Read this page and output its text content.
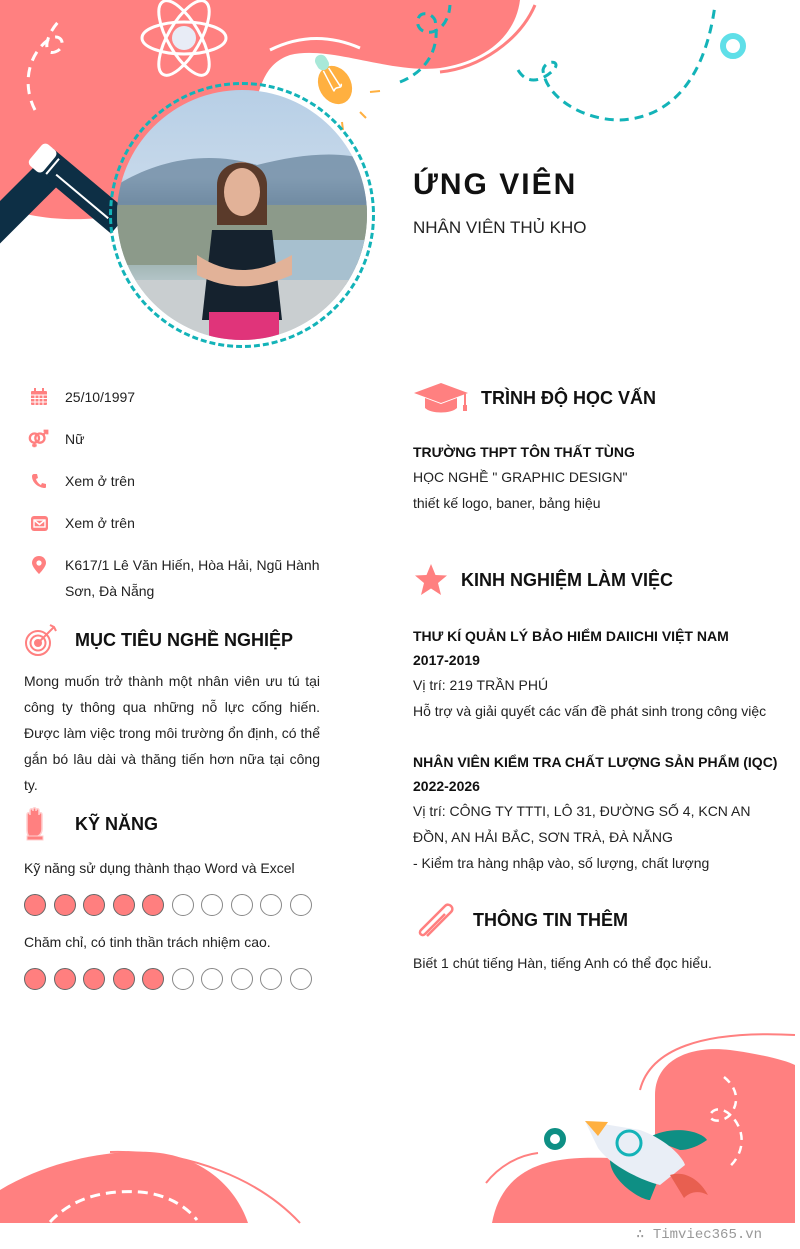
ỨNG VIÊN
NHÂN VIÊN THỦ KHO
25/10/1997
Nữ
Xem ở trên
Xem ở trên
K617/1 Lê Văn Hiến, Hòa Hải, Ngũ Hành Sơn, Đà Nẵng
MỤC TIÊU NGHỀ NGHIỆP
Mong muốn trở thành một nhân viên ưu tú tại công ty thông qua những nỗ lực cống hiến. Được làm việc trong môi trường ổn định, có thể gắn bó lâu dài và thăng tiến hơn nữa tại công ty.
KỸ NĂNG
Kỹ năng sử dụng thành thạo Word và Excel
Chăm chỉ, có tinh thần trách nhiệm cao.
TRÌNH ĐỘ HỌC VẤN
TRƯỜNG THPT TÔN THẤT TÙNG
HỌC NGHỀ " GRAPHIC DESIGN"
thiết kế logo, baner, bảng hiệu
KINH NGHIỆM LÀM VIỆC
THƯ KÍ QUẢN LÝ BẢO HIỂM DAIICHI VIỆT NAM
2017-2019
Vị trí: 219 TRẦN PHÚ
Hỗ trợ và giải quyết các vấn đề phát sinh trong công việc
NHÂN VIÊN KIỂM TRA CHẤT LƯỢNG SẢN PHẨM (IQC)
2022-2026
Vị trí: CÔNG TY TTTI, LÔ 31, ĐƯỜNG SỐ 4, KCN AN ĐỒN, AN HẢI BẮC, SƠN TRÀ, ĐÀ NẴNG
- Kiểm tra hàng nhập vào, số lượng, chất lượng
THÔNG TIN THÊM
Biết 1 chút tiếng Hàn, tiếng Anh có thể đọc hiểu.
∴ Timviec365.vn
